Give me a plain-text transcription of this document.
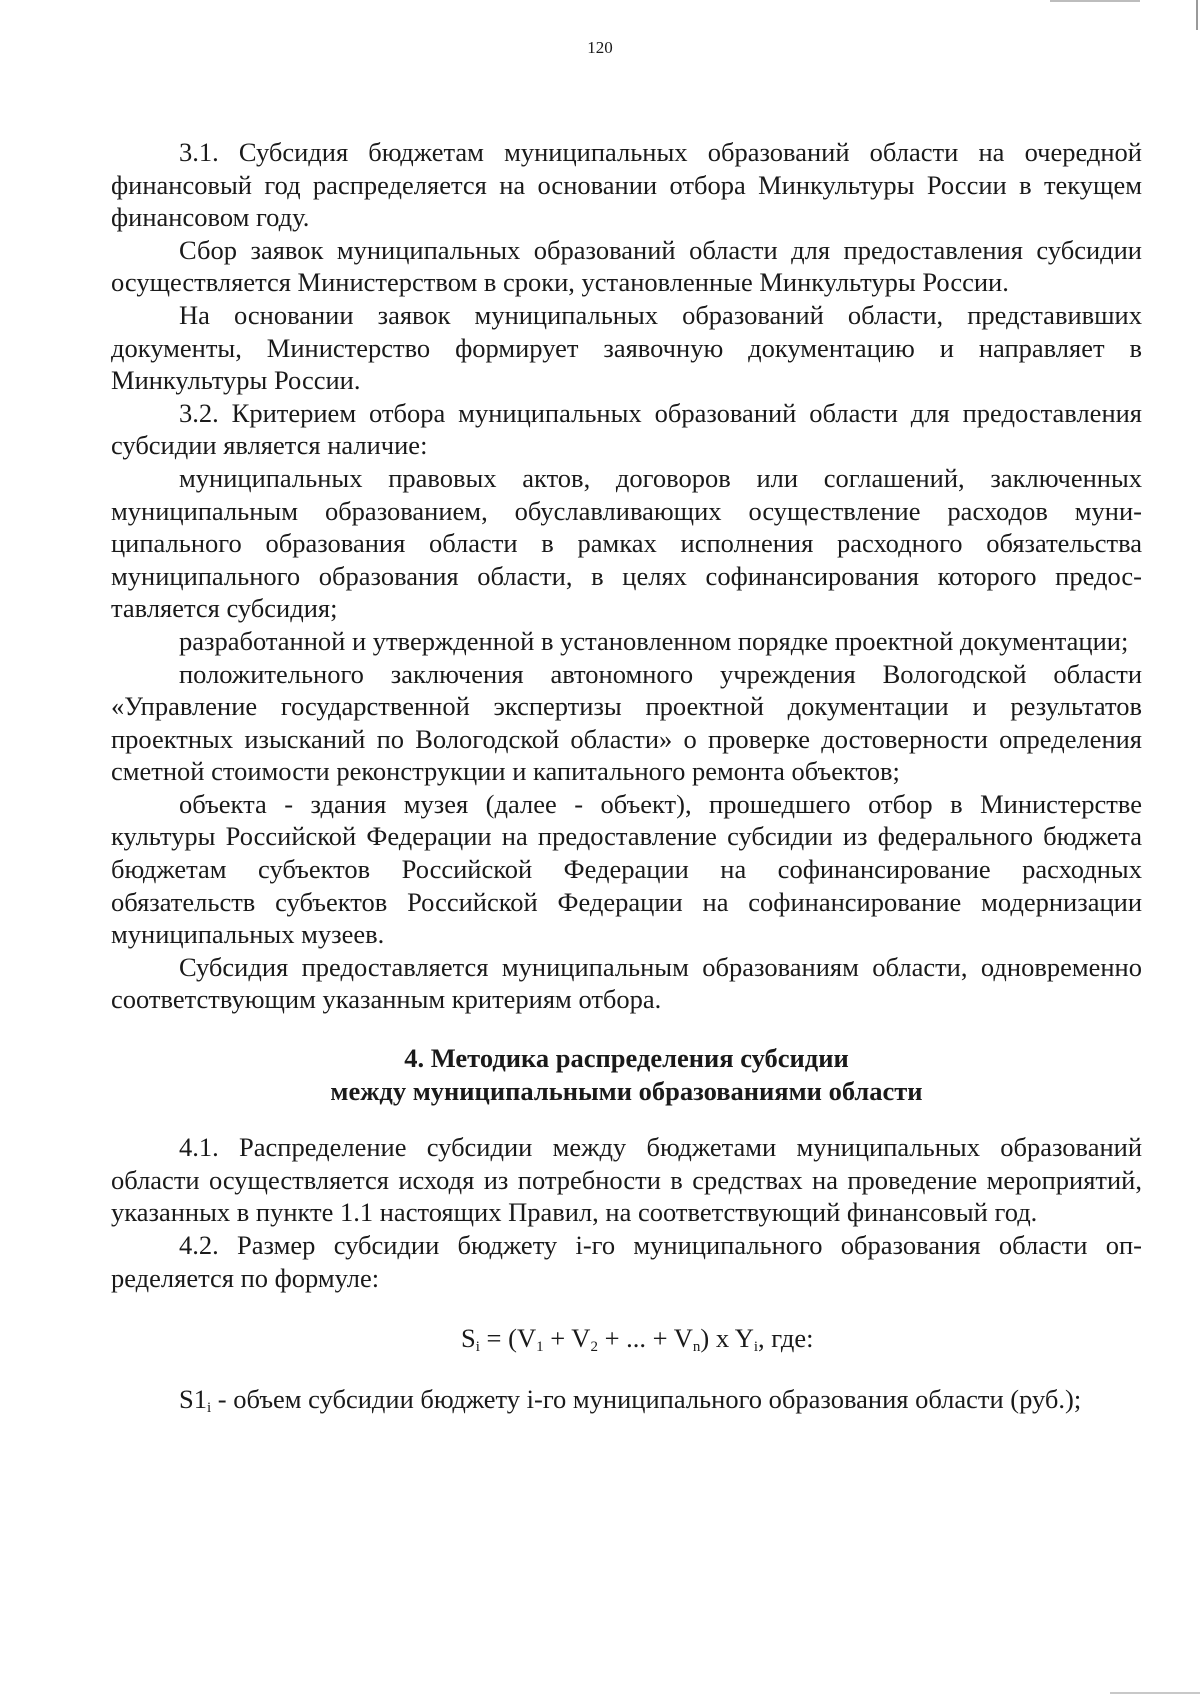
120

3.1. Субсидия бюджетам муниципальных образований области на очередной финансовый год распределяется на основании отбора Минкультуры России в текущем финансовом году.

Сбор заявок муниципальных образований области для предоставления субсидии осуществляется Министерством в сроки, установленные Минкультуры России.

На основании заявок муниципальных образований области, представивших документы, Министерство формирует заявочную документацию и направляет в Минкультуры России.

3.2. Критерием отбора муниципальных образований области для предоставления субсидии является наличие:

муниципальных правовых актов, договоров или соглашений, заключенных муниципальным образованием, обуславливающих осуществление расходов муниципального образования области в рамках исполнения расходного обязательства муниципального образования области, в целях софинансирования которого предоставляется субсидия;

разработанной и утвержденной в установленном порядке проектной документации;

положительного заключения автономного учреждения Вологодской области «Управление государственной экспертизы проектной документации и результатов проектных изысканий по Вологодской области» о проверке достоверности определения сметной стоимости реконструкции и капитального ремонта объектов;

объекта - здания музея (далее - объект), прошедшего отбор в Министерстве культуры Российской Федерации на предоставление субсидии из федерального бюджета бюджетам субъектов Российской Федерации на софинансирование расходных обязательств субъектов Российской Федерации на софинансирование модернизации муниципальных музеев.

Субсидия предоставляется муниципальным образованиям области, одновременно соответствующим указанным критериям отбора.

4. Методика распределения субсидии
между муниципальными образованиями области

4.1. Распределение субсидии между бюджетами муниципальных образований области осуществляется исходя из потребности в средствах на проведение мероприятий, указанных в пункте 1.1 настоящих Правил, на соответствующий финансовый год.

4.2. Размер субсидии бюджету i-го муниципального образования области определяется по формуле:

$S_i = (V_1 + V_2$ + ... + $V_n$) x $Y_i$, где:

$S1_i$ - объем субсидии бюджету i-го муниципального образования области (руб.);
